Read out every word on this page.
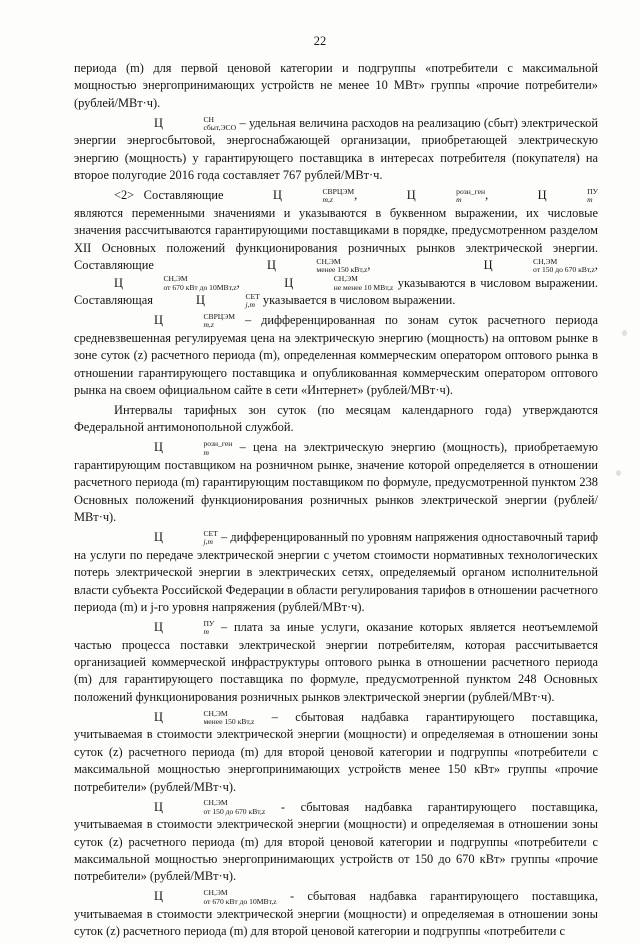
22

периода (m) для первой ценовой категории и подгруппы «потребители с максимальной мощностью энергопринимающих устройств не менее 10 МВт» группы «прочие потребители» (рублей/МВт·ч).

Ц	СН
сбыт,ЭСО – удельная величина расходов на реализацию (сбыт) электрической энергии энергосбытовой, энергоснабжающей организации, приобретающей электрическую энергию (мощность) у гарантирующего поставщика в интересах потребителя (покупателя) на второе полугодие 2016 года составляет 767 рублей/МВт·ч.

<2> Составляющие	Ц	СВРЦЭМ
m,z	,	Ц	розн_ген
m	,	Ц	ПУ
m
являются переменными значениями и указываются в буквенном выражении, их числовые значения рассчитываются гарантирующими поставщиками в порядке, предусмотренном разделом XII Основных положений функционирования розничных рынков электрической энергии. Составляющие	Ц	СН,ЭМ
менее 150 кВт,z ,	Ц	СН,ЭМ
от 150 до 670 кВт,z , Ц	СН,ЭМ
от 670 кВт до 10МВт,z ,	Ц	СН,ЭМ
не менее 10 МВт,z указываются в числовом выражении. Составляющая	Ц	СЕТ
j,m указывается в числовом выражении.

Ц	СВРЦЭМ
m,z	– дифференцированная по зонам суток расчетного периода средневзвешенная регулируемая цена на электрическую энергию (мощность) на оптовом рынке в зоне суток (z) расчетного периода (m), определенная коммерческим оператором оптового рынка в отношении гарантирующего поставщика и опубликованная коммерческим оператором оптового рынка на своем официальном сайте в сети «Интернет» (рублей/МВт·ч).

Интервалы тарифных зон суток (по месяцам календарного года) утверждаются Федеральной антимонопольной службой.

Ц	розн_ген
m	– цена на электрическую энергию (мощность), приобретаемую гарантирующим поставщиком на розничном рынке, значение которой определяется в отношении расчетного периода (m) гарантирующим поставщиком по формуле, предусмотренной пунктом 238 Основных положений функционирования розничных рынков электрической энергии (рублей/МВт·ч).

Ц	СЕТ
j,m – дифференцированный по уровням напряжения одноставочный тариф на услуги по передаче электрической энергии с учетом стоимости нормативных технологических потерь электрической энергии в электрических сетях, определяемый органом исполнительной власти субъекта Российской Федерации в области регулирования тарифов в отношении расчетного периода (m) и j-го уровня напряжения (рублей/МВт·ч).

Ц	ПУ
m – плата за иные услуги, оказание которых является неотъемлемой частью процесса поставки электрической энергии потребителям, которая рассчитывается организацией коммерческой инфраструктуры оптового рынка в отношении расчетного периода (m) для гарантирующего поставщика по формуле, предусмотренной пунктом 248 Основных положений функционирования розничных рынков электрической энергии (рублей/МВт·ч).

Ц	СН,ЭМ
менее 150 кВт,z – сбытовая надбавка гарантирующего поставщика, учитываемая в стоимости электрической энергии (мощности) и определяемая в отношении зоны суток (z) расчетного периода (m) для второй ценовой категории и подгруппы «потребители с максимальной мощностью энергопринимающих устройств менее 150 кВт» группы «прочие потребители» (рублей/МВт·ч).

Ц	СН,ЭМ
от 150 до 670 кВт,z - сбытовая надбавка гарантирующего поставщика, учитываемая в стоимости электрической энергии (мощности) и определяемая в отношении зоны суток (z) расчетного периода (m) для второй ценовой категории и подгруппы «потребители с максимальной мощностью энергопринимающих устройств от 150 до 670 кВт» группы «прочие потребители» (рублей/МВт·ч).

Ц	СН,ЭМ
от 670 кВт до 10МВт,z - сбытовая надбавка гарантирующего поставщика, учитываемая в стоимости электрической энергии (мощности) и определяемая в отношении зоны суток (z) расчетного периода (m) для второй ценовой категории и подгруппы «потребители с
